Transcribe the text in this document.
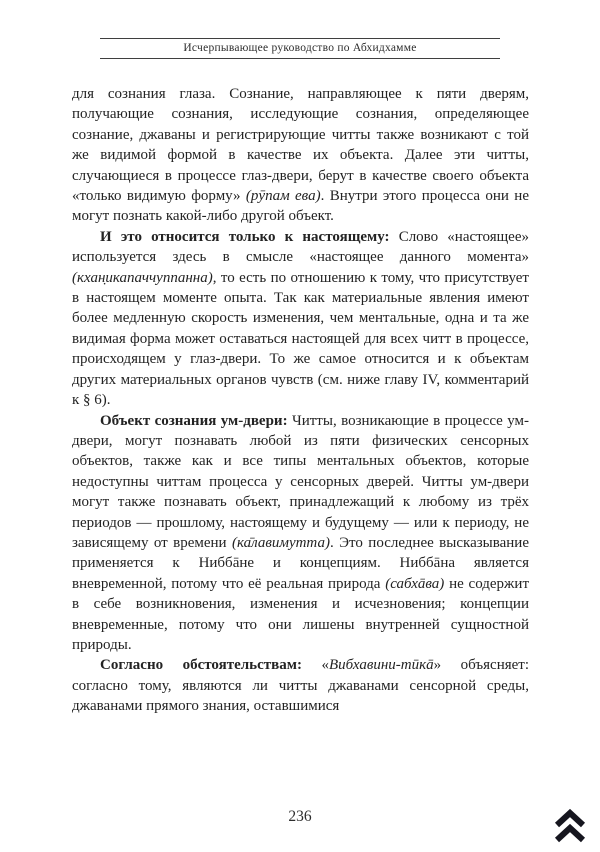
Исчерпывающее руководство по Абхидхамме

для сознания глаза. Сознание, направляющее к пяти дверям, получающие сознания, исследующие сознания, определяющее сознание, джаваны и регистрирующие читты также возникают с той же видимой формой в качестве их объекта. Далее эти читты, случающиеся в процессе глаз-двери, берут в качестве своего объекта «только видимую форму» (рӯпам ева). Внутри этого процесса они не могут познать какой-либо другой объект.

И это относится только к настоящему: Слово «настоящее» используется здесь в смысле «настоящее данного момента» (кхан̣икапаччуппанна), то есть по отношению к тому, что присутствует в настоящем моменте опыта. Так как материальные явления имеют более медленную скорость изменения, чем ментальные, одна и та же видимая форма может оставаться настоящей для всех читт в процессе, происходящем у глаз-двери. То же самое относится и к объектам других материальных органов чувств (см. ниже главу IV, комментарий к § 6).

Объект сознания ум-двери: Читты, возникающие в процессе ум-двери, могут познавать любой из пяти физических сенсорных объектов, также как и все типы ментальных объектов, которые недоступны читтам процесса у сенсорных дверей. Читты ум-двери могут также познавать объект, принадлежащий к любому из трёх периодов — прошлому, настоящему и будущему — или к периоду, не зависящему от времени (ка̄лавимутта). Это последнее высказывание применяется к Ниббāне и концепциям. Ниббāна является вневременной, потому что её реальная природа (сабхāва) не содержит в себе возникновения, изменения и исчезновения; концепции вневременные, потому что они лишены внутренней сущностной природы.

Согласно обстоятельствам: «Вибхавини-тӣкā» объясняет: согласно тому, являются ли читты джаванами сенсорной среды, джаванами прямого знания, оставшимися

236
